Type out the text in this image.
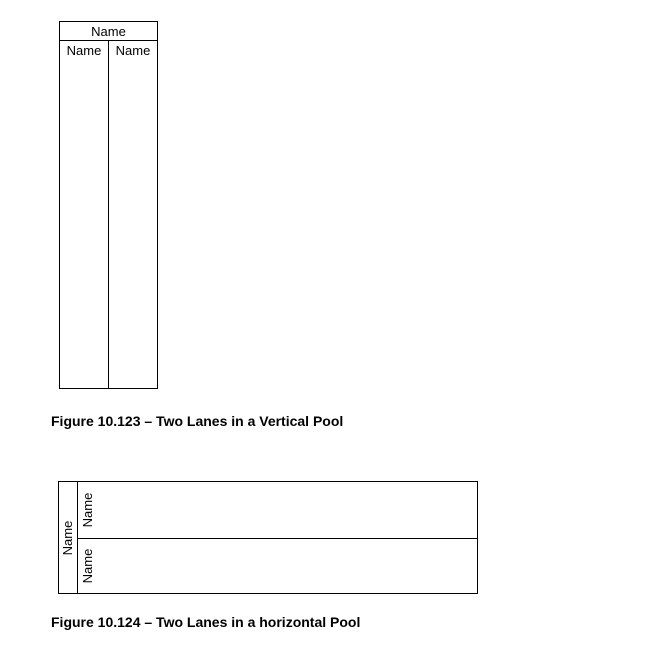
Name
Name	Name
Figure 10.123 – Two Lanes in a Vertical Pool
Name
Name
Name
Figure 10.124 – Two Lanes in a horizontal Pool
